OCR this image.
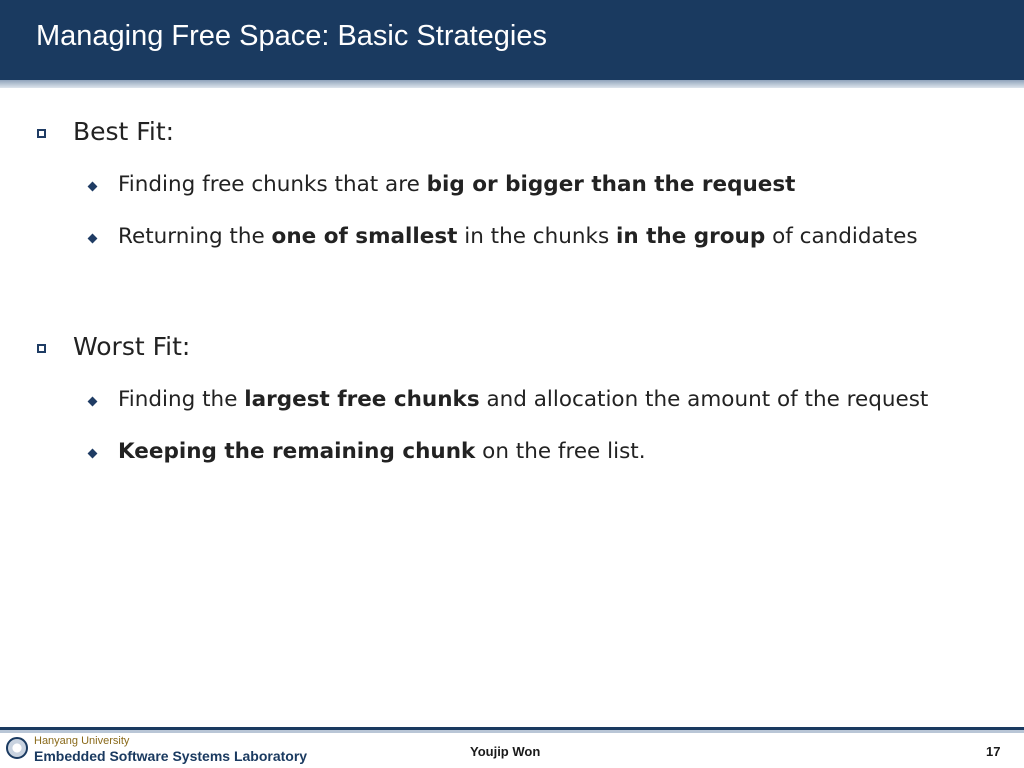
Managing Free Space: Basic Strategies
Best Fit:
Finding free chunks that are big or bigger than the request
Returning the one of smallest in the chunks in the group of candidates
Worst Fit:
Finding the largest free chunks and allocation the amount of the request
Keeping the remaining chunk on the free list.
Hanyang University
Embedded Software Systems Laboratory	Youjip Won	17
